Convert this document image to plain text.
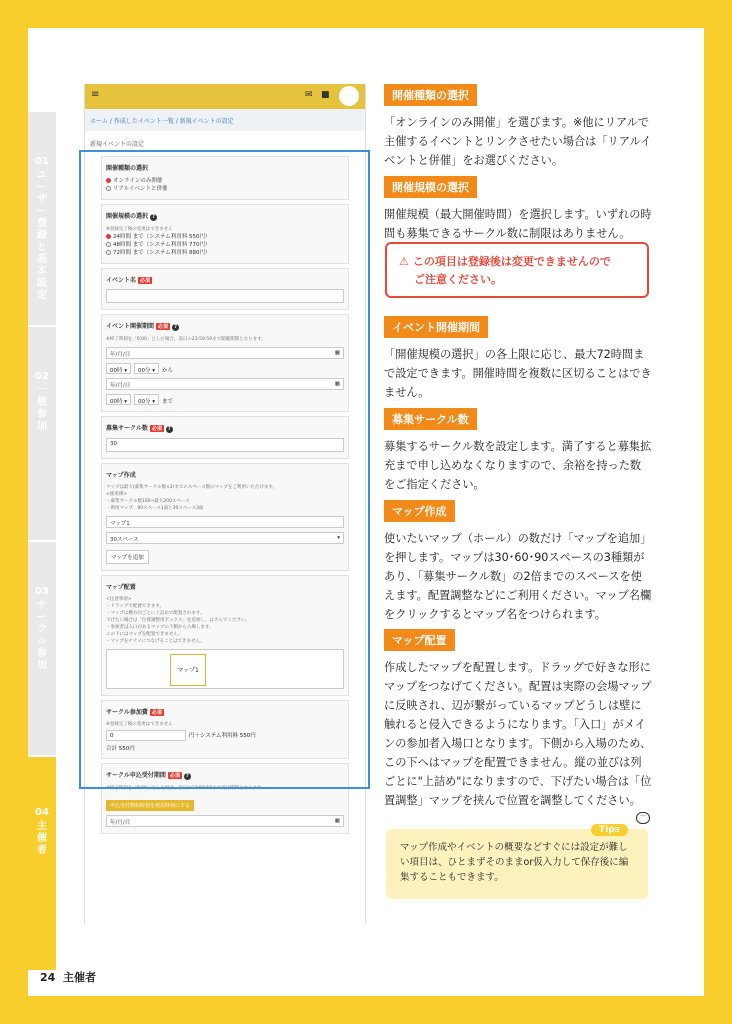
01
ユーザー登録と基本設定
02
一般参加
03
サークル参加
04
主催者
24 主催者
≡	✉ ■
ホーム / 作成したイベント一覧 / 新規イベントの設定
新規イベントの設定
開催種類の選択
オンラインのみ開催
リアルイベントと併催
開催規模の選択 ?
※登録完了後の変更はできません
24時間 まで（システム利用料 550円）
48時間 まで（システム利用料 770円）
72時間 まで（システム利用料 880円）
イベント名 必須
イベント開催期間 必須 ?
※終了時刻を「0:00」とした場合、前日の23:59:59まで開催期間となります。
年/月/日	▦
00時 ▾ 00分 ▾ から
年/月/日	▦
00時 ▾ 00分 ▾ まで
募集サークル数 必須 ?
30
マップ作成
マップは最大(募集サークル数×2)までのスペース数のマップをご利用いただけます。
<使用例>
・募集サークル数100→最大200スペース
・利用マップ：90スペース1面と30スペース3面
マップ1
30スペース	▾
マップを追加
マップ配置
<注意事項>
・ドラッグで配置できます。
・マップは横方向ごとに上詰めで配置されます。
下げたい場合は「位置調整用ボックス」を追加し、はさんでください。
・参加者は入口があるマップの下側から入場します。
この下にはマップを配置できません。
・マップをナナメにつなげることはできません。
マップ1
サークル参加費 必須
※登録完了後の変更はできません
0	円＋システム利用料 550円
合計 550円
サークル申込受付期間 必須 ?
※終了時刻を「0:00」とした場合、前日の23:59:59まで受付期間となります。
申込受付開始時刻を現在時刻にする
年/月/日	▦
開催種類の選択
「オンラインのみ開催」を選びます。※他にリアルで主催するイベントとリンクさせたい場合は「リアルイベントと併催」をお選びください。
開催規模の選択
開催規模（最大開催時間）を選択します。いずれの時間も募集できるサークル数に制限はありません。
⚠ この項目は登録後は変更できませんので
ご注意ください。
イベント開催期間
「開催規模の選択」の各上限に応じ、最大72時間まで設定できます。開催時間を複数に区切ることはできません。
募集サークル数
募集するサークル数を設定します。満了すると募集拡充まで申し込めなくなりますので、余裕を持った数をご指定ください。
マップ作成
使いたいマップ（ホール）の数だけ「マップを追加」を押します。マップは30･60･90スペースの3種類があり、「募集サークル数」の2倍までのスペースを使えます。配置調整などにご利用ください。マップ名欄をクリックするとマップ名をつけられます。
マップ配置
作成したマップを配置します。ドラッグで好きな形にマップをつなげてください。配置は実際の会場マップに反映され、辺が繋がっているマップどうしは壁に触れると侵入できるようになります。「入口」がメインの参加者入場口となります。下側から入場のため、この下へはマップを配置できません。縦の並びは列ごとに"上詰め"になりますので、下げたい場合は「位置調整」マップを挟んで位置を調整してください。
マップ作成やイベントの概要などすぐには設定が難しい項目は、ひとまずそのままor仮入力して保存後に編集することもできます。
Tips
···
